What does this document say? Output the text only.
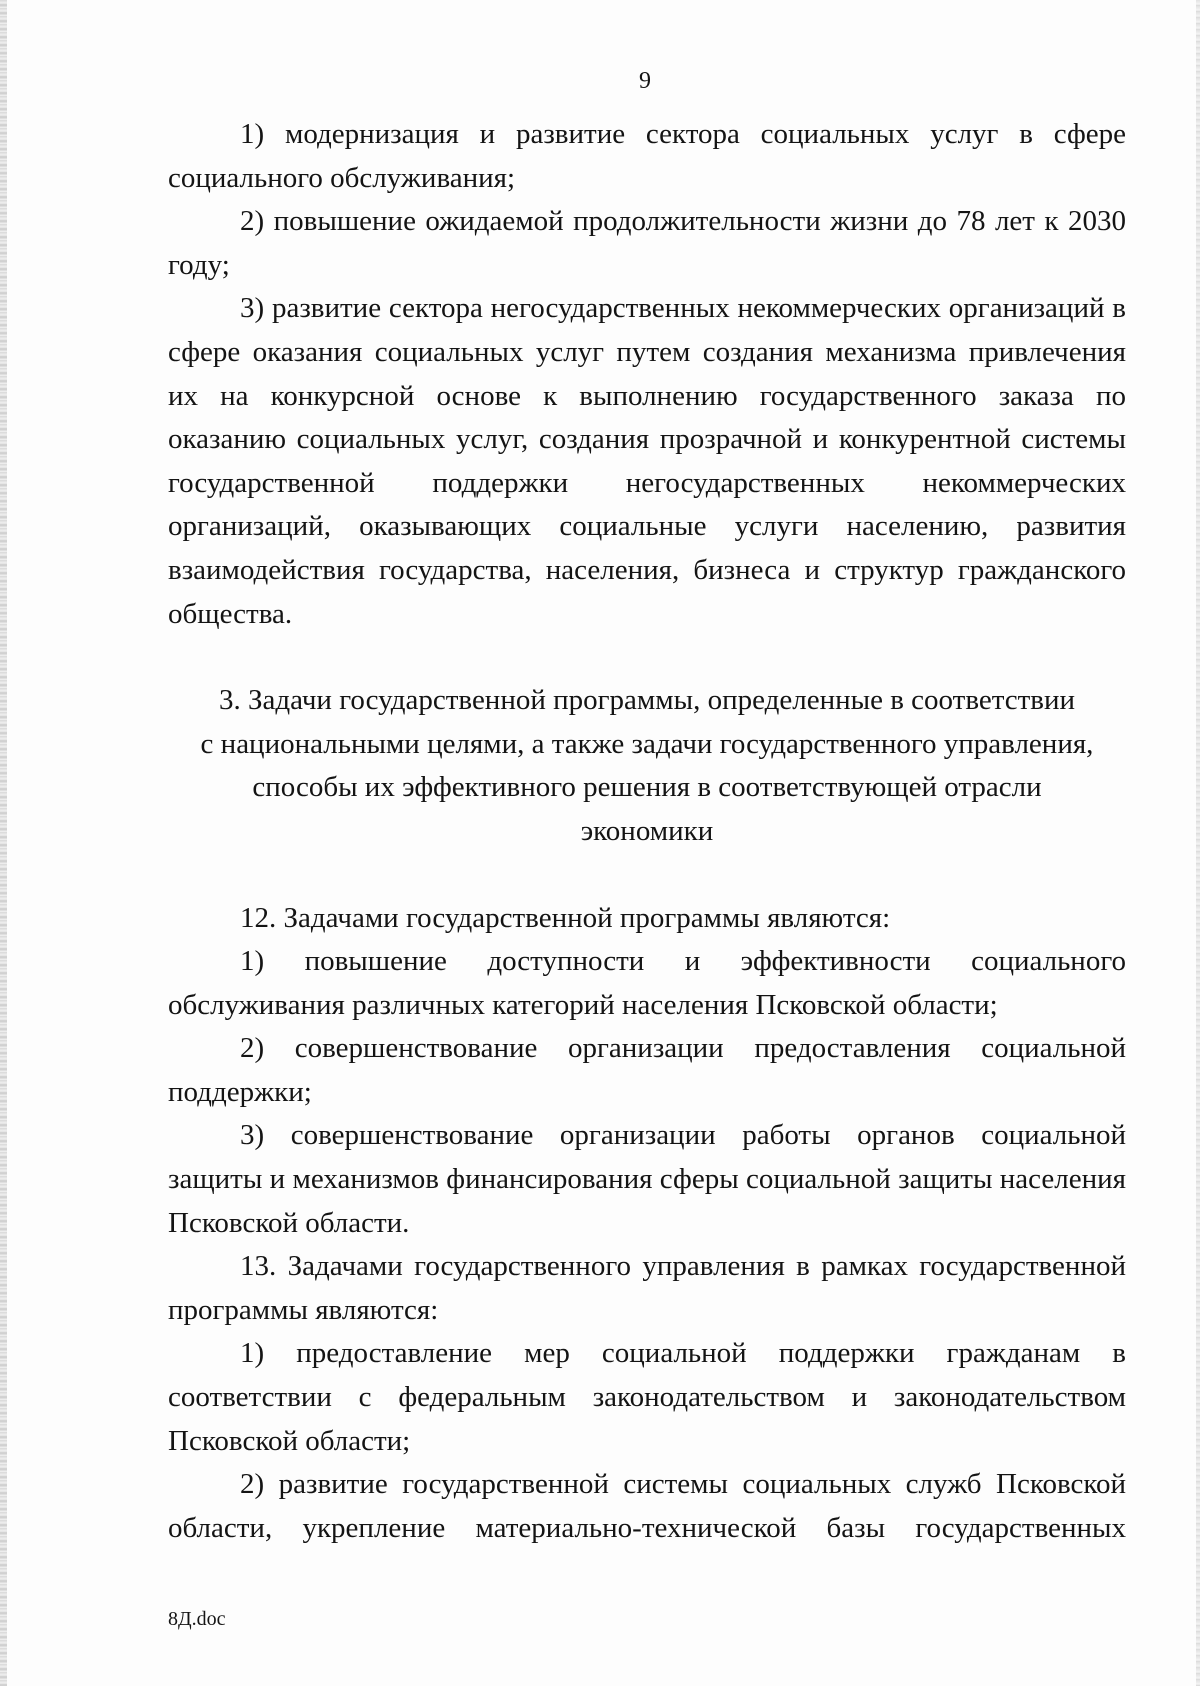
9

1) модернизация и развитие сектора социальных услуг в сфере социального обслуживания;

2) повышение ожидаемой продолжительности жизни до 78 лет к 2030 году;

3) развитие сектора негосударственных некоммерческих организаций в сфере оказания социальных услуг путем создания механизма привлечения их на конкурсной основе к выполнению государственного заказа по оказанию социальных услуг, создания прозрачной и конкурентной системы государственной поддержки негосударственных некоммерческих организаций, оказывающих социальные услуги населению, развития взаимодействия государства, населения, бизнеса и структур гражданского общества.

3. Задачи государственной программы, определенные в соответствии
с национальными целями, а также задачи государственного управления,
способы их эффективного решения в соответствующей отрасли
экономики

12. Задачами государственной программы являются:

1) повышение доступности и эффективности социального обслуживания различных категорий населения Псковской области;

2) совершенствование организации предоставления социальной поддержки;

3) совершенствование организации работы органов социальной защиты и механизмов финансирования сферы социальной защиты населения Псковской области.

13. Задачами государственного управления в рамках государственной программы являются:

1) предоставление мер социальной поддержки гражданам в соответствии с федеральным законодательством и законодательством Псковской области;

2) развитие государственной системы социальных служб Псковской области, укрепление материально-технической базы государственных

8Д.doc
